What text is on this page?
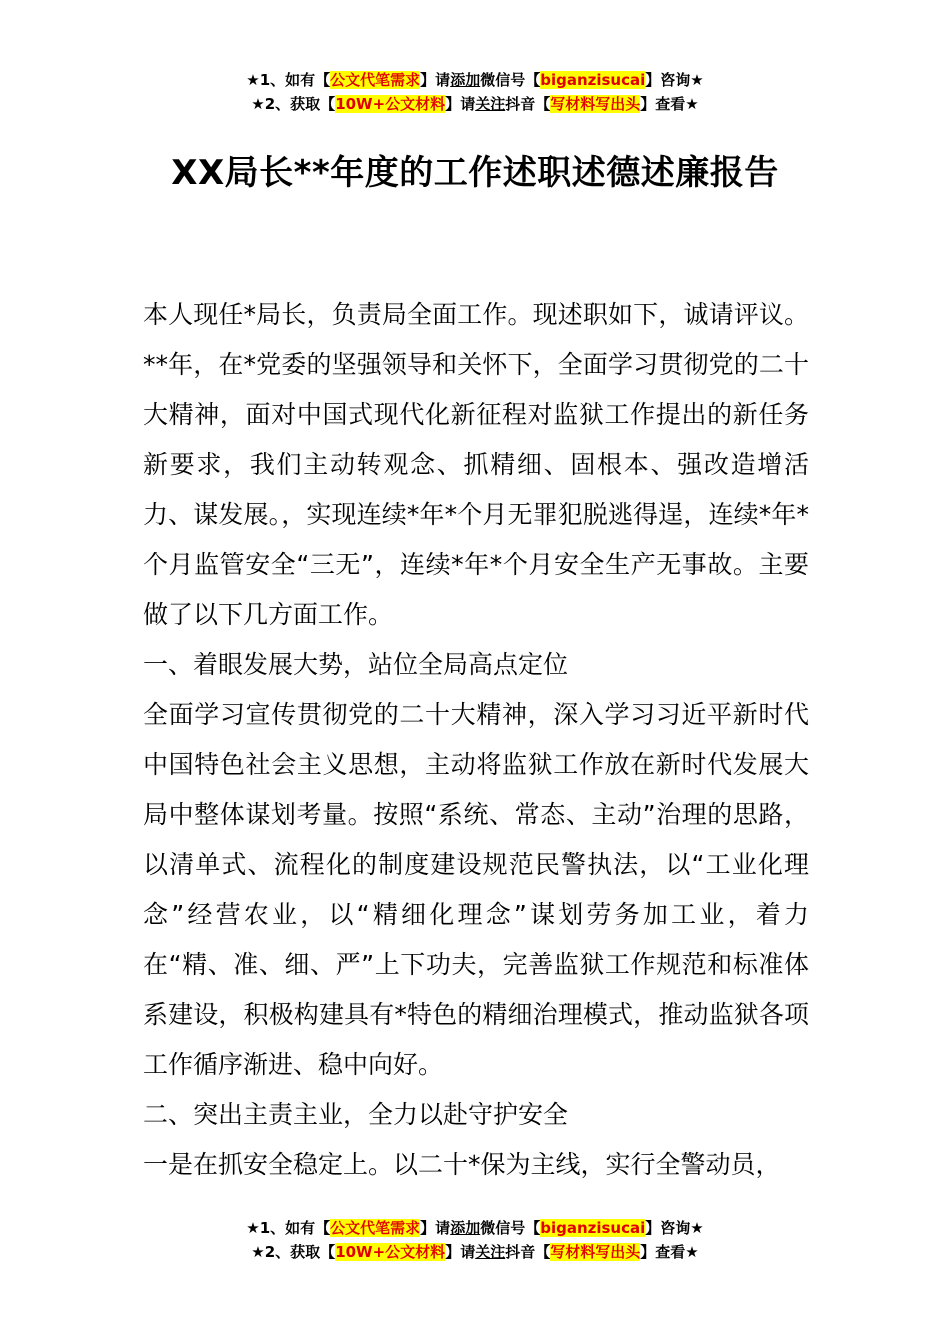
★1、如有【公文代笔需求】请添加微信号【biganzisucai】咨询★
★2、获取【10W+公文材料】请关注抖音【写材料写出头】查看★
XX局长**年度的工作述职述德述廉报告

本人现任*局长，负责局全面工作。现述职如下，诚请评议。**年，在*党委的坚强领导和关怀下，全面学习贯彻党的二十大精神，面对中国式现代化新征程对监狱工作提出的新任务新要求，我们主动转观念、抓精细、固根本、强改造增活力、谋发展。，实现连续*年*个月无罪犯脱逃得逞，连续*年*个月监管安全“三无”，连续*年*个月安全生产无事故。主要做了以下几方面工作。

一、着眼发展大势，站位全局高点定位

全面学习宣传贯彻党的二十大精神，深入学习习近平新时代中国特色社会主义思想，主动将监狱工作放在新时代发展大局中整体谋划考量。按照“系统、常态、主动”治理的思路，以清单式、流程化的制度建设规范民警执法，以“工业化理念”经营农业，以“精细化理念”谋划劳务加工业，着力在“精、准、细、严”上下功夫，完善监狱工作规范和标准体系建设，积极构建具有*特色的精细治理模式，推动监狱各项工作循序渐进、稳中向好。

二、突出主责主业，全力以赴守护安全

一是在抓安全稳定上。以二十*保为主线，实行全警动员，

★1、如有【公文代笔需求】请添加微信号【biganzisucai】咨询★
★2、获取【10W+公文材料】请关注抖音【写材料写出头】查看★
